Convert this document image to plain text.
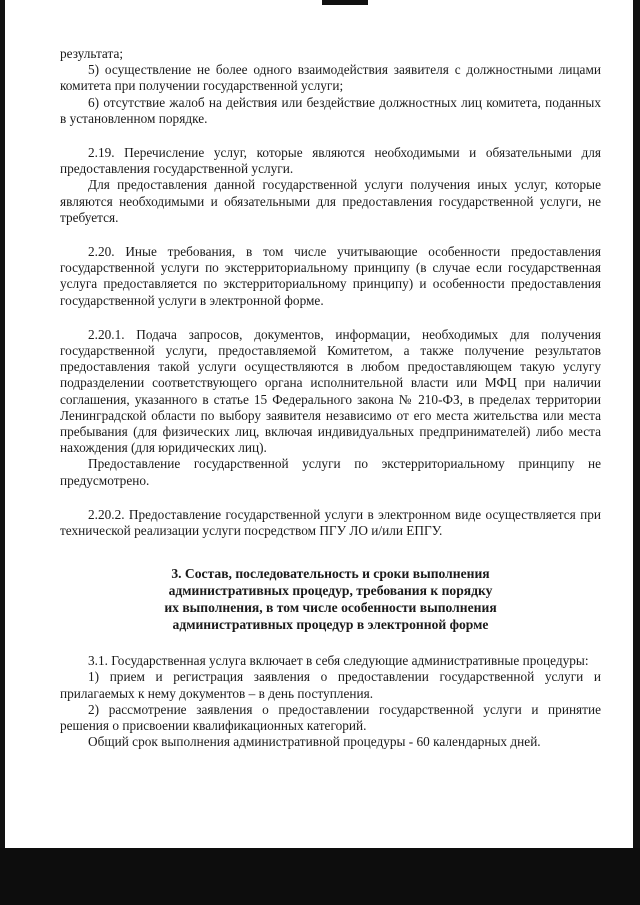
результата;

5) осуществление не более одного взаимодействия заявителя с должностными лицами комитета при получении государственной услуги;

6) отсутствие жалоб на действия или бездействие должностных лиц комитета, поданных в установленном порядке.

2.19. Перечисление услуг, которые являются необходимыми и обязательными для предоставления государственной услуги.

Для предоставления данной государственной услуги получения иных услуг, которые являются необходимыми и обязательными для предоставления государственной услуги, не требуется.

2.20. Иные требования, в том числе учитывающие особенности предоставления государственной услуги по экстерриториальному принципу (в случае если государственная услуга предоставляется по экстерриториальному принципу) и особенности предоставления государственной услуги в электронной форме.

2.20.1. Подача запросов, документов, информации, необходимых для получения государственной услуги, предоставляемой Комитетом, а также получение результатов предоставления такой услуги осуществляются в любом предоставляющем такую услугу подразделении соответствующего органа исполнительной власти или МФЦ при наличии соглашения, указанного в статье 15 Федерального закона № 210-ФЗ, в пределах территории Ленинградской области по выбору заявителя независимо от его места жительства или места пребывания (для физических лиц, включая индивидуальных предпринимателей) либо места нахождения (для юридических лиц).

Предоставление государственной услуги по экстерриториальному принципу не предусмотрено.

2.20.2. Предоставление государственной услуги в электронном виде осуществляется при технической реализации услуги посредством ПГУ ЛО и/или ЕПГУ.

3. Состав, последовательность и сроки выполнения
административных процедур, требования к порядку
их выполнения, в том числе особенности выполнения
административных процедур в электронной форме

3.1. Государственная услуга включает в себя следующие административные процедуры:

1) прием и регистрация заявления о предоставлении государственной услуги и прилагаемых к нему документов – в день поступления.

2) рассмотрение заявления о предоставлении государственной услуги и принятие решения о присвоении квалификационных категорий.

Общий срок выполнения административной процедуры - 60 календарных дней.
